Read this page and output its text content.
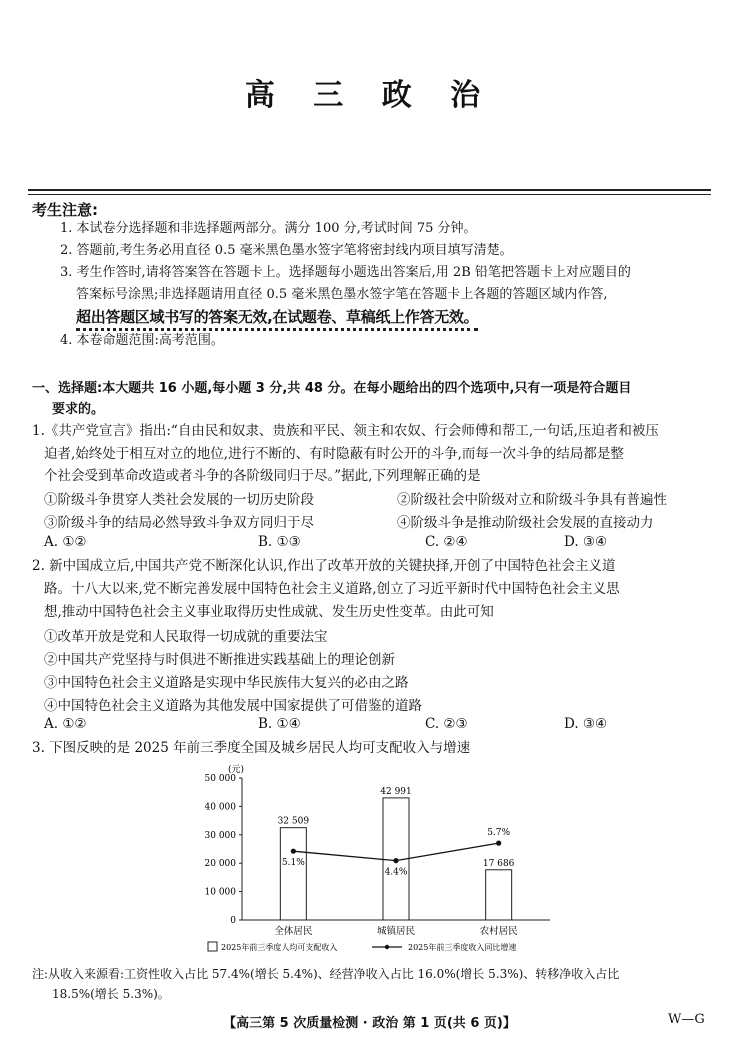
高 三 政 治
考生注意:
1. 本试卷分选择题和非选择题两部分。满分 100 分,考试时间 75 分钟。
2. 答题前,考生务必用直径 0.5 毫米黑色墨水签字笔将密封线内项目填写清楚。
3. 考生作答时,请将答案答在答题卡上。选择题每小题选出答案后,用 2B 铅笔把答题卡上对应题目的
答案标号涂黑;非选择题请用直径 0.5 毫米黑色墨水签字笔在答题卡上各题的答题区域内作答,
超出答题区域书写的答案无效,在试题卷、草稿纸上作答无效。
4. 本卷命题范围:高考范围。
一、选择题:本大题共 16 小题,每小题 3 分,共 48 分。在每小题给出的四个选项中,只有一项是符合题目
要求的。
1.《共产党宣言》指出:“自由民和奴隶、贵族和平民、领主和农奴、行会师傅和帮工,一句话,压迫者和被压
迫者,始终处于相互对立的地位,进行不断的、有时隐蔽有时公开的斗争,而每一次斗争的结局都是整
个社会受到革命改造或者斗争的各阶级同归于尽。”据此,下列理解正确的是
①阶级斗争贯穿人类社会发展的一切历史阶段	②阶级社会中阶级对立和阶级斗争具有普遍性
③阶级斗争的结局必然导致斗争双方同归于尽	④阶级斗争是推动阶级社会发展的直接动力
A. ①②	B. ①③	C. ②④	D. ③④
2. 新中国成立后,中国共产党不断深化认识,作出了改革开放的关键抉择,开创了中国特色社会主义道
路。十八大以来,党不断完善发展中国特色社会主义道路,创立了习近平新时代中国特色社会主义思
想,推动中国特色社会主义事业取得历史性成就、发生历史性变革。由此可知
①改革开放是党和人民取得一切成就的重要法宝
②中国共产党坚持与时俱进不断推进实践基础上的理论创新
③中国特色社会主义道路是实现中华民族伟大复兴的必由之路
④中国特色社会主义道路为其他发展中国家提供了可借鉴的道路
A. ①②	B. ①④	C. ②③	D. ③④
3. 下图反映的是 2025 年前三季度全国及城乡居民人均可支配收入与增速
(元)
50 000
40 000
30 000
20 000
10 000
0
32 509
全体居民
42 991
城镇居民
17 686
农村居民
5.1%
4.4%
5.7%
2025年前三季度人均可支配收入	2025年前三季度收入同比增速
注:从收入来源看:工资性收入占比 57.4%(增长 5.4%)、经营净收入占比 16.0%(增长 5.3%)、转移净收入占比
18.5%(增长 5.3%)。
【高三第 5 次质量检测 · 政治 第 1 页(共 6 页)】	W—G
